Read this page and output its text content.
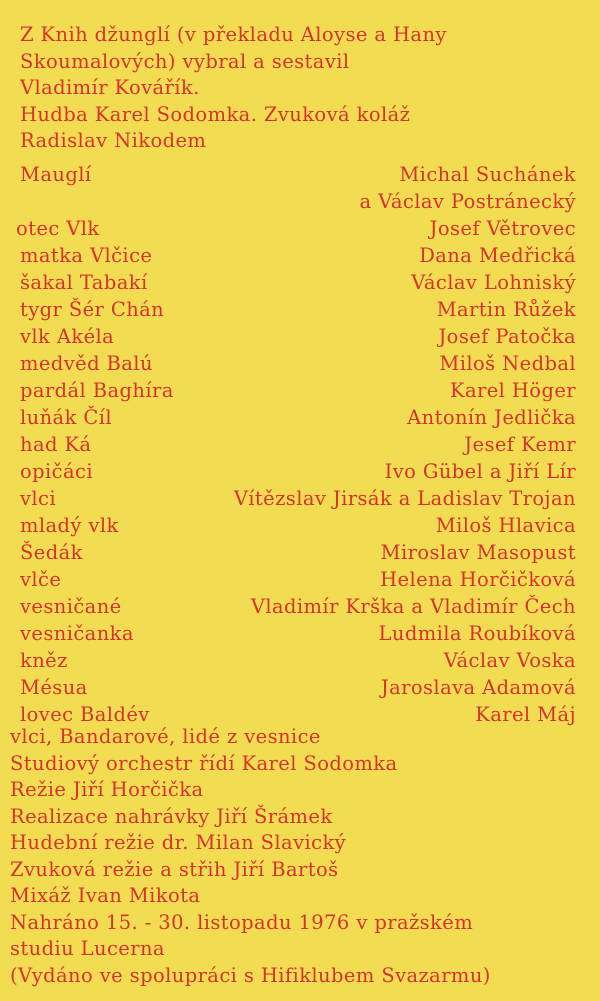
Z Knih džunglí (v překladu Aloyse a Hany
Skoumalových) vybral a sestavil
Vladimír Kovářík.
Hudba Karel Sodomka. Zvuková koláž
Radislav Nikodem
Mauglí	Michal Suchánek
a Václav Postránecký
otec Vlk	Josef Větrovec
matka Vlčice	Dana Medřická
šakal Tabakí	Václav Lohniský
tygr Šér Chán	Martin Růžek
vlk Akéla	Josef Patočka
medvěd Balú	Miloš Nedbal
pardál Baghíra	Karel Höger
luňák Číl	Antonín Jedlička
had Ká	Jesef Kemr
opičáci	Ivo Gübel a Jiří Lír
vlci	Vítězslav Jirsák a Ladislav Trojan
mladý vlk	Miloš Hlavica
Šedák	Miroslav Masopust
vlče	Helena Horčičková
vesničané	Vladimír Krška a Vladimír Čech
vesničanka	Ludmila Roubíková
kněz	Václav Voska
Mésua	Jaroslava Adamová
lovec Baldév	Karel Máj
vlci, Bandarové, lidé z vesnice
Studiový orchestr řídí Karel Sodomka
Režie Jiří Horčička
Realizace nahrávky Jiří Šrámek
Hudební režie dr. Milan Slavický
Zvuková režie a střih Jiří Bartoš
Mixáž Ivan Mikota
Nahráno 15. - 30. listopadu 1976 v pražském
studiu Lucerna
(Vydáno ve spolupráci s Hifiklubem Svazarmu)
